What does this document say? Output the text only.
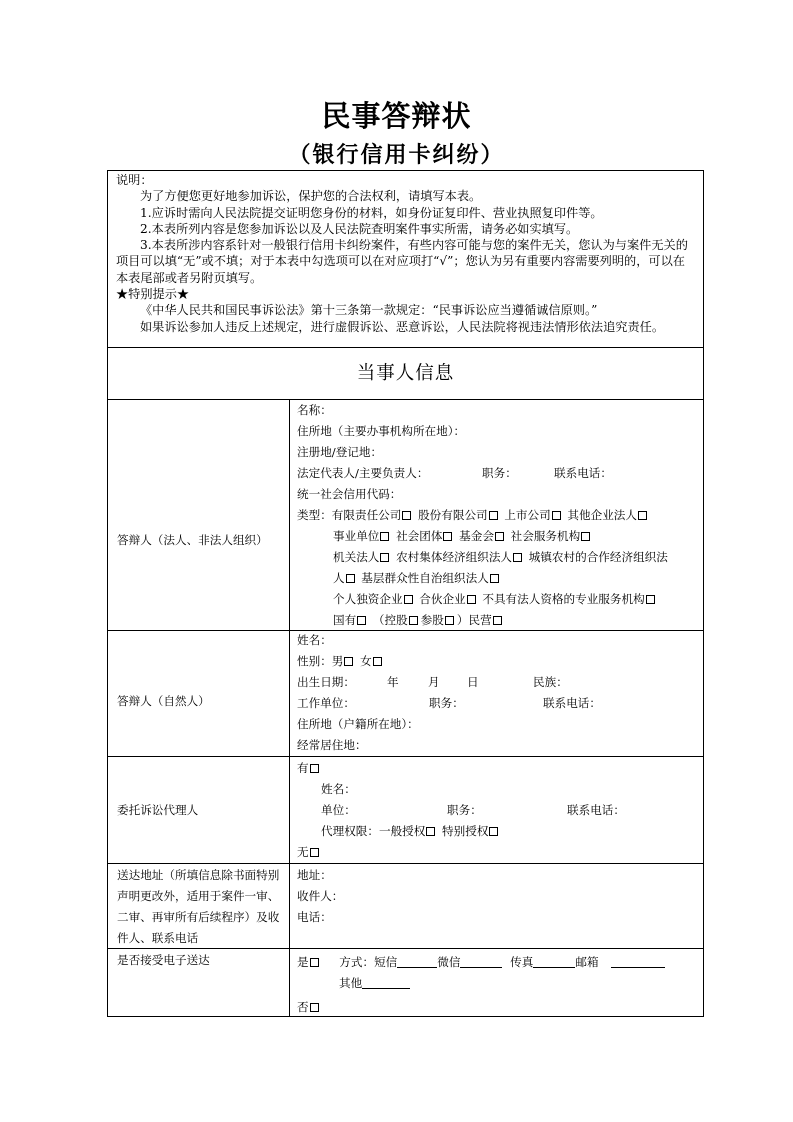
民事答辩状
（银行信用卡纠纷）

说明：

为了方便您更好地参加诉讼，保护您的合法权利，请填写本表。

1.应诉时需向人民法院提交证明您身份的材料，如身份证复印件、营业执照复印件等。

2.本表所列内容是您参加诉讼以及人民法院查明案件事实所需，请务必如实填写。

3.本表所涉内容系针对一般银行信用卡纠纷案件，有些内容可能与您的案件无关，您认为与案件无关的项目可以填“无”或不填；对于本表中勾选项可以在对应项打“√”；您认为另有重要内容需要列明的，可以在本表尾部或者另附页填写。

★特别提示★

《中华人民共和国民事诉讼法》第十三条第一款规定：“民事诉讼应当遵循诚信原则。”

如果诉讼参加人违反上述规定，进行虚假诉讼、恶意诉讼，人民法院将视违法情形依法追究责任。

当事人信息
答辩人（法人、非法人组织）
名称：
住所地（主要办事机构所在地）：
注册地/登记地：
法定代表人/主要负责人：	职务：	联系电话：
统一社会信用代码：
类型：有限责任公司 股份有限公司 上市公司 其他企业法人
事业单位 社会团体 基金会 社会服务机构
机关法人 农村集体经济组织法人 城镇农村的合作经济组织法
人 基层群众性自治组织法人
个人独资企业 合伙企业 不具有法人资格的专业服务机构
国有 （控股 参股 ）民营
答辩人（自然人）
姓名：
性别：男 女
出生日期：	年	月 日	民族：
工作单位：	职务：	联系电话：
住所地（户籍所在地）：
经常居住地：
委托诉讼代理人
有
姓名：
单位：	职务：	联系电话：
代理权限：一般授权 特别授权
无
送达地址（所填信息除书面特别声明更改外，适用于案件一审、二审、再审所有后续程序）及收件人、联系电话
地址：
收件人：
电话：
是否接受电子送达	是	方式：短信	微信	传真	邮箱
其他
否
